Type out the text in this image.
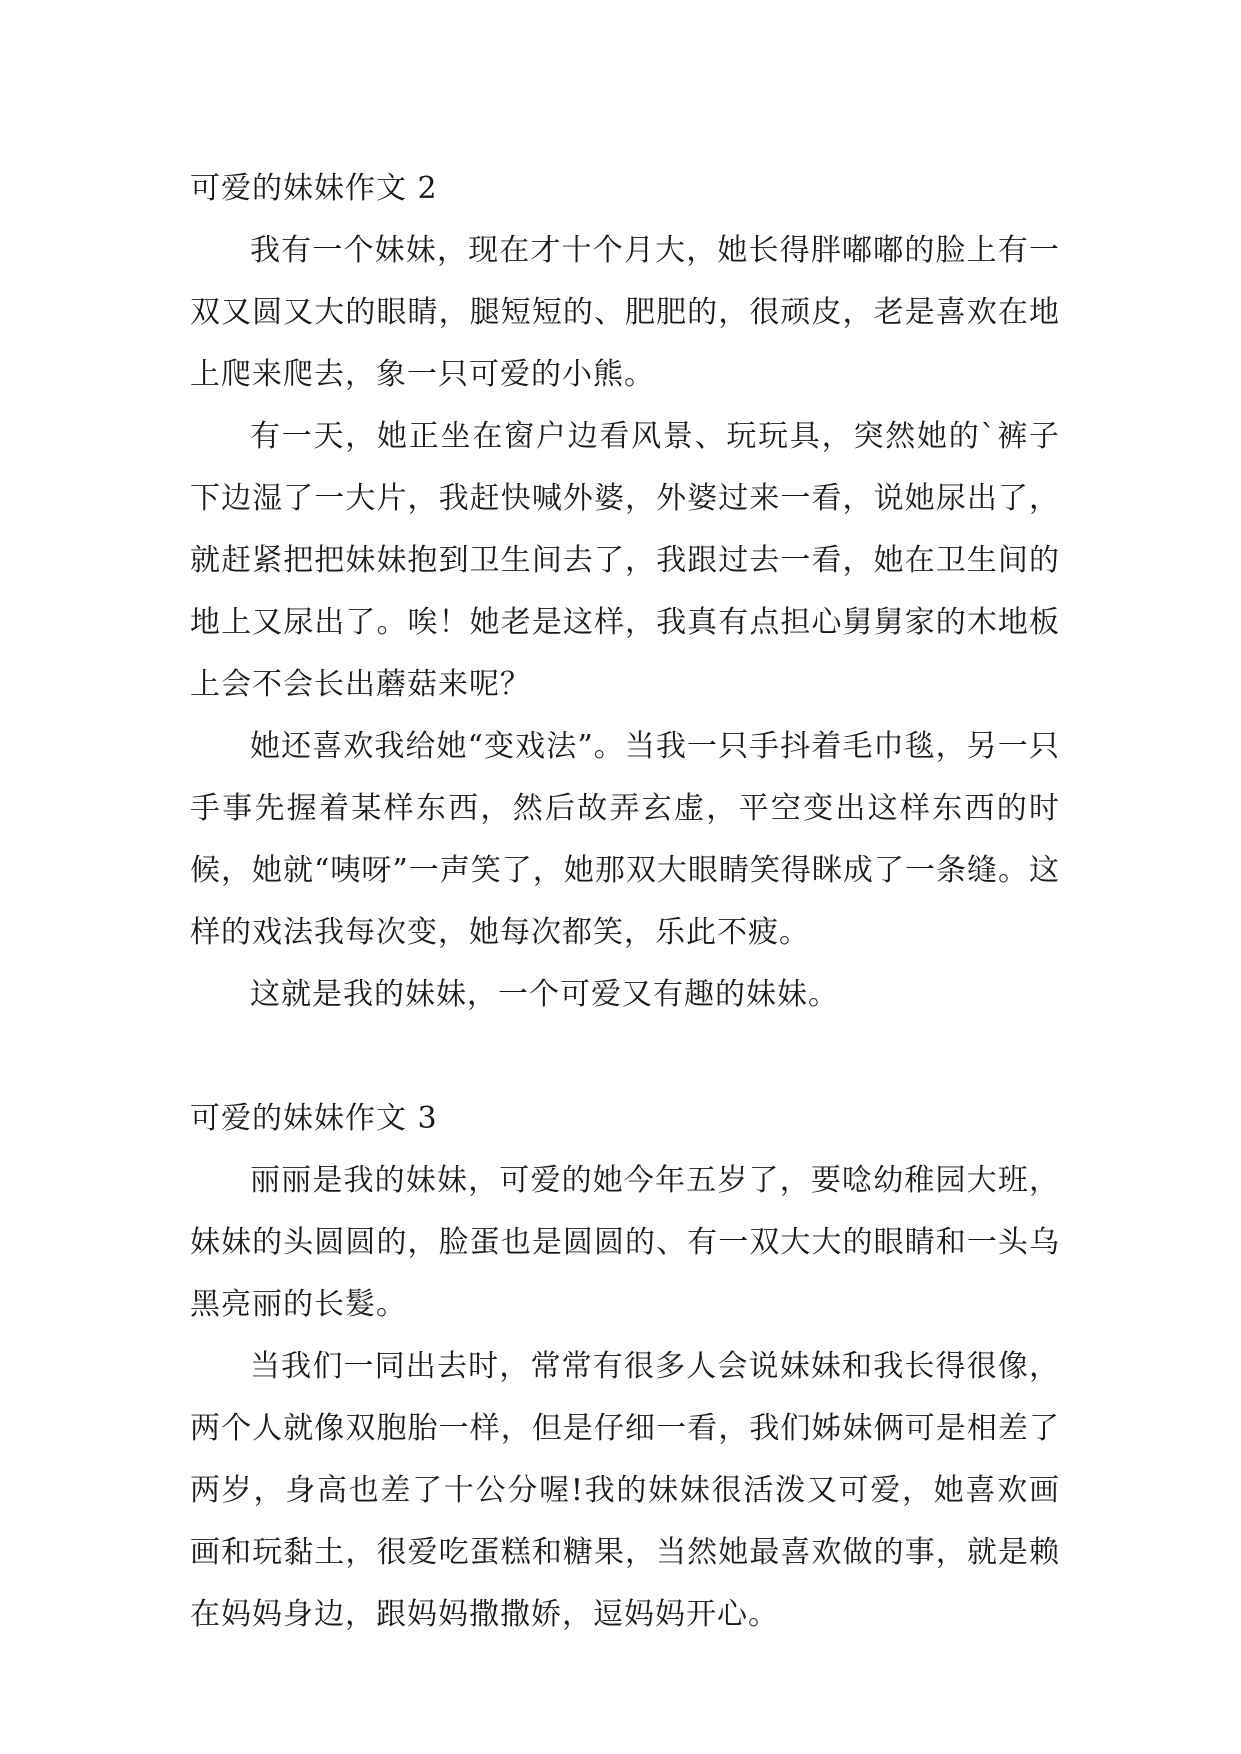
可爱的妹妹作文 2

我有一个妹妹，现在才十个月大，她长得胖嘟嘟的脸上有一双又圆又大的眼睛，腿短短的、肥肥的，很顽皮，老是喜欢在地上爬来爬去，象一只可爱的小熊。

有一天，她正坐在窗户边看风景、玩玩具，突然她的`裤子下边湿了一大片，我赶快喊外婆，外婆过来一看，说她尿出了，就赶紧把把妹妹抱到卫生间去了，我跟过去一看，她在卫生间的地上又尿出了。唉！她老是这样，我真有点担心舅舅家的木地板上会不会长出蘑菇来呢？

她还喜欢我给她“变戏法”。当我一只手抖着毛巾毯，另一只手事先握着某样东西，然后故弄玄虚，平空变出这样东西的时候，她就“咦呀”一声笑了，她那双大眼睛笑得眯成了一条缝。这样的戏法我每次变，她每次都笑，乐此不疲。

这就是我的妹妹，一个可爱又有趣的妹妹。

可爱的妹妹作文 3

丽丽是我的妹妹，可爱的她今年五岁了，要唸幼稚园大班，妹妹的头圆圆的，脸蛋也是圆圆的、有一双大大的眼睛和一头乌黑亮丽的长髮。

当我们一同出去时，常常有很多人会说妹妹和我长得很像，两个人就像双胞胎一样，但是仔细一看，我们姊妹俩可是相差了两岁，身高也差了十公分喔!我的妹妹很活泼又可爱，她喜欢画画和玩黏土，很爱吃蛋糕和糖果，当然她最喜欢做的事，就是赖在妈妈身边，跟妈妈撒撒娇，逗妈妈开心。
